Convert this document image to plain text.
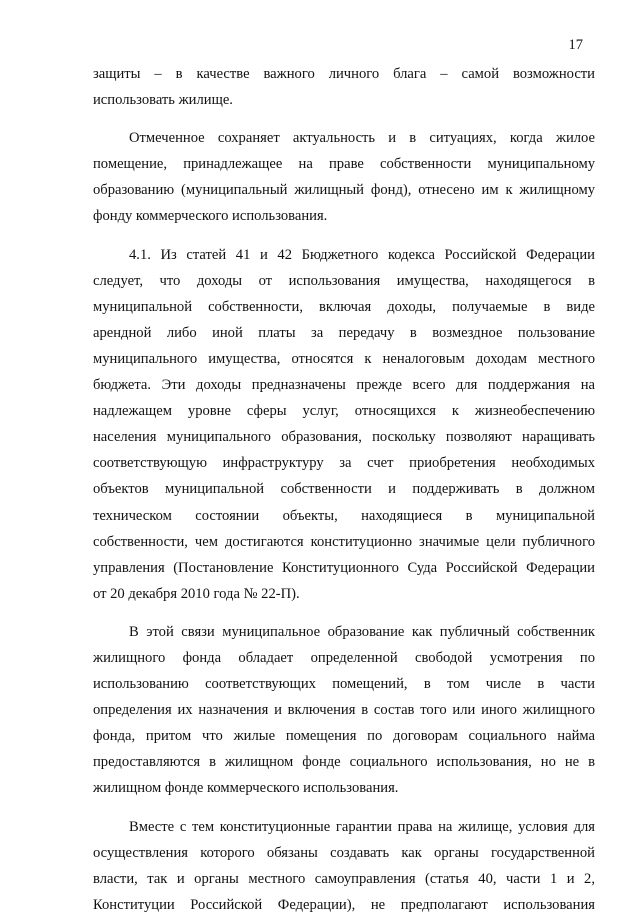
17

защиты – в качестве важного личного блага – самой возможности
использовать жилище.

Отмеченное сохраняет актуальность и в ситуациях, когда жилое
помещение, принадлежащее на праве собственности муниципальному
образованию (муниципальный жилищный фонд), отнесено им к жилищному
фонду коммерческого использования.

4.1. Из статей 41 и 42 Бюджетного кодекса Российской Федерации
следует, что доходы от использования имущества, находящегося в
муниципальной собственности, включая доходы, получаемые в виде
арендной либо иной платы за передачу в возмездное пользование
муниципального имущества, относятся к неналоговым доходам местного
бюджета. Эти доходы предназначены прежде всего для поддержания на
надлежащем уровне сферы услуг, относящихся к жизнеобеспечению
населения муниципального образования, поскольку позволяют наращивать
соответствующую инфраструктуру за счет приобретения необходимых
объектов муниципальной собственности и поддерживать в должном
техническом состоянии объекты, находящиеся в муниципальной
собственности, чем достигаются конституционно значимые цели публичного
управления (Постановление Конституционного Суда Российской Федерации
от 20 декабря 2010 года № 22-П).

В этой связи муниципальное образование как публичный собственник
жилищного фонда обладает определенной свободой усмотрения по
использованию соответствующих помещений, в том числе в части
определения их назначения и включения в состав того или иного жилищного
фонда, притом что жилые помещения по договорам социального найма
предоставляются в жилищном фонде социального использования, но не в
жилищном фонде коммерческого использования.

Вместе с тем конституционные гарантии права на жилище, условия для
осуществления которого обязаны создавать как органы государственной
власти, так и органы местного самоуправления (статья 40, части 1 и 2,
Конституции Российской Федерации), не предполагают использования
